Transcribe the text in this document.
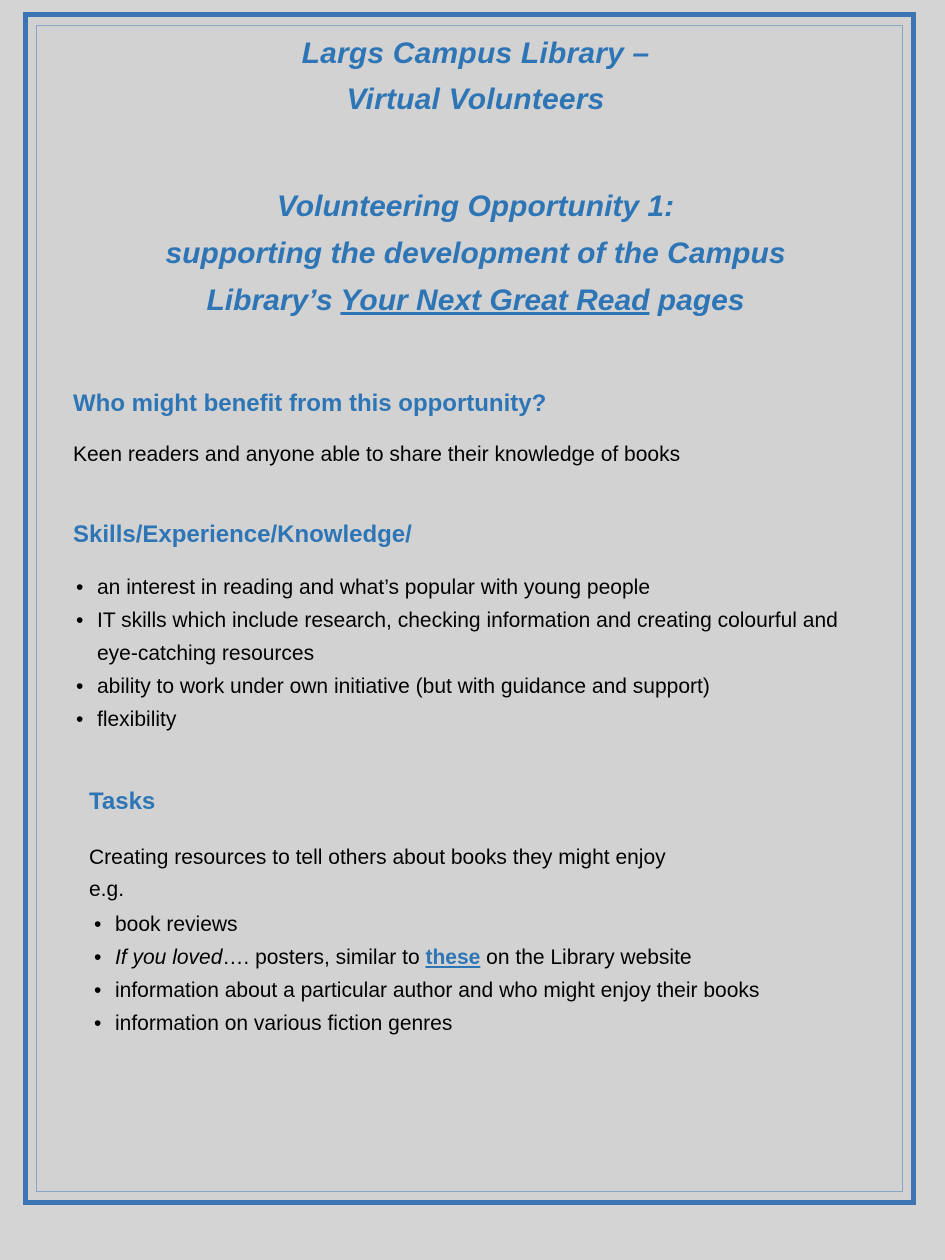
Largs Campus Library –
Virtual Volunteers
Volunteering Opportunity 1:
supporting the development of the Campus
Library’s Your Next Great Read pages
Who might benefit from this opportunity?
Keen readers and anyone able to share their knowledge of books
Skills/Experience/Knowledge/
• an interest in reading and what’s popular with young people
• IT skills which include research, checking information and creating colourful and eye-catching resources
• ability to work under own initiative (but with guidance and support)
• flexibility
Tasks
Creating resources to tell others about books they might enjoy
e.g.
• book reviews
• If you loved…. posters, similar to these on the Library website
• information about a particular author and who might enjoy their books
• information on various fiction genres
